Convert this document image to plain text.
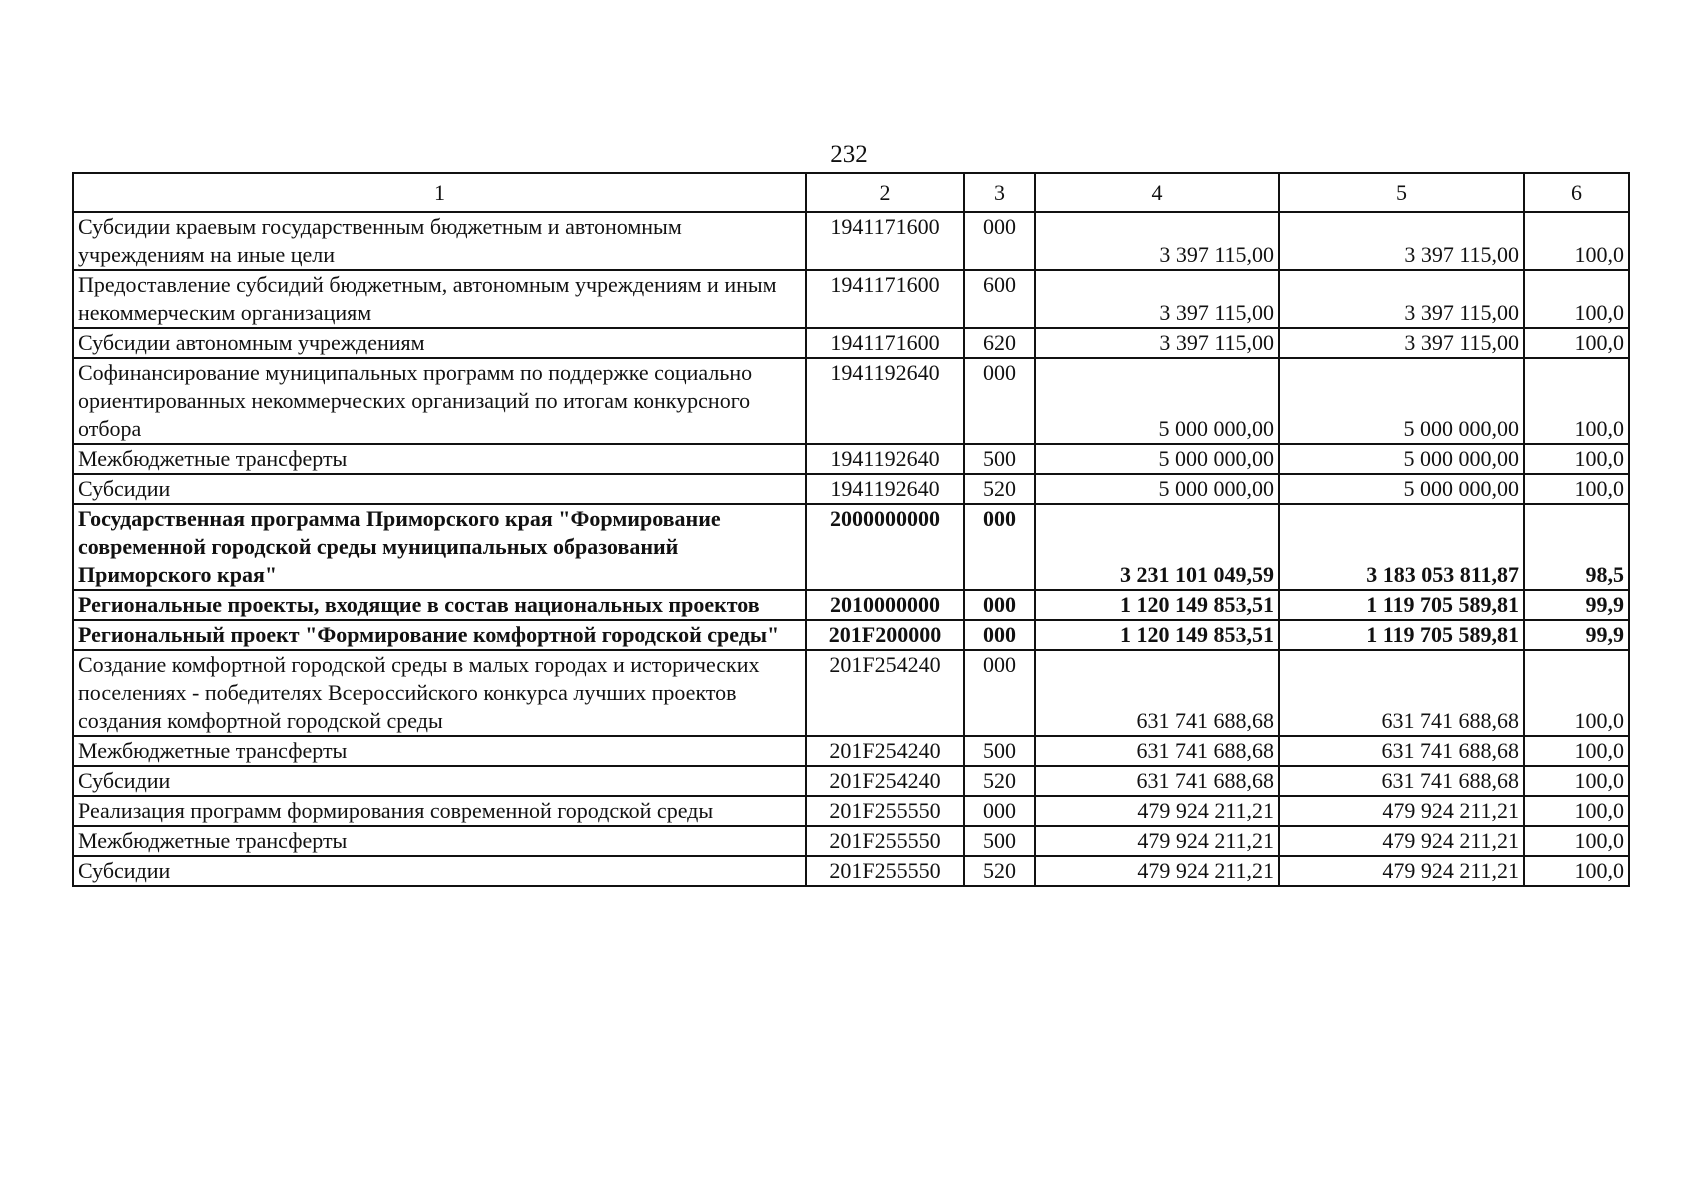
232
1	2	3	4	5	6
Субсидии краевым государственным бюджетным и автономным учреждениям на иные цели	1941171600	000	3 397 115,00	3 397 115,00	100,0
Предоставление субсидий бюджетным, автономным учреждениям и иным некоммерческим организациям	1941171600	600	3 397 115,00	3 397 115,00	100,0
Субсидии автономным учреждениям	1941171600	620	3 397 115,00	3 397 115,00	100,0
Софинансирование муниципальных программ по поддержке социально ориентированных некоммерческих организаций по итогам конкурсного отбора	1941192640	000	5 000 000,00	5 000 000,00	100,0
Межбюджетные трансферты	1941192640	500	5 000 000,00	5 000 000,00	100,0
Субсидии	1941192640	520	5 000 000,00	5 000 000,00	100,0
Государственная программа Приморского края "Формирование современной городской среды муниципальных образований Приморского края"	2000000000	000	3 231 101 049,59	3 183 053 811,87	98,5
Региональные проекты, входящие в состав национальных проектов	2010000000	000	1 120 149 853,51	1 119 705 589,81	99,9
Региональный проект "Формирование комфортной городской среды"	201F200000	000	1 120 149 853,51	1 119 705 589,81	99,9
Создание комфортной городской среды в малых городах и исторических поселениях - победителях Всероссийского конкурса лучших проектов создания комфортной городской среды	201F254240	000	631 741 688,68	631 741 688,68	100,0
Межбюджетные трансферты	201F254240	500	631 741 688,68	631 741 688,68	100,0
Субсидии	201F254240	520	631 741 688,68	631 741 688,68	100,0
Реализация программ формирования современной городской среды	201F255550	000	479 924 211,21	479 924 211,21	100,0
Межбюджетные трансферты	201F255550	500	479 924 211,21	479 924 211,21	100,0
Субсидии	201F255550	520	479 924 211,21	479 924 211,21	100,0
